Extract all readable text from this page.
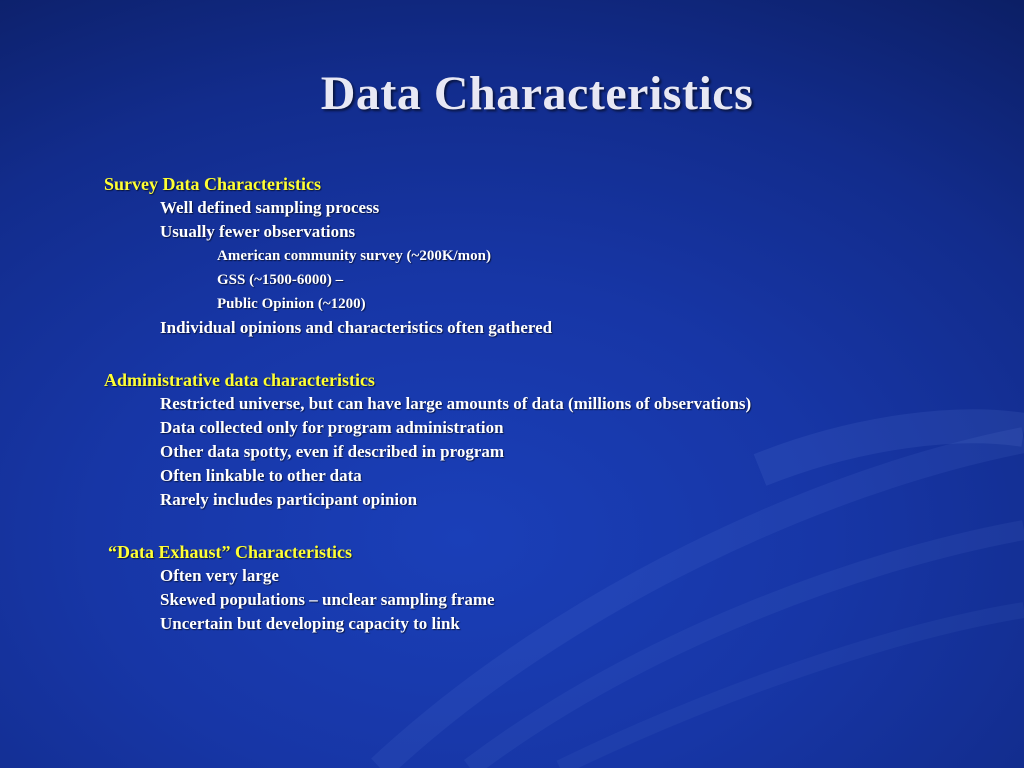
Data Characteristics
Survey Data Characteristics
Well defined sampling process
Usually fewer observations
American community survey (~200K/mon)
GSS (~1500-6000) –
Public Opinion (~1200)
Individual opinions and characteristics often gathered
Administrative data characteristics
Restricted universe, but can have large amounts of data (millions of observations)
Data collected only for program administration
Other data spotty, even if described in program
Often linkable to other data
Rarely includes participant opinion
“Data Exhaust” Characteristics
Often very large
Skewed populations – unclear sampling frame
Uncertain but developing capacity to link
